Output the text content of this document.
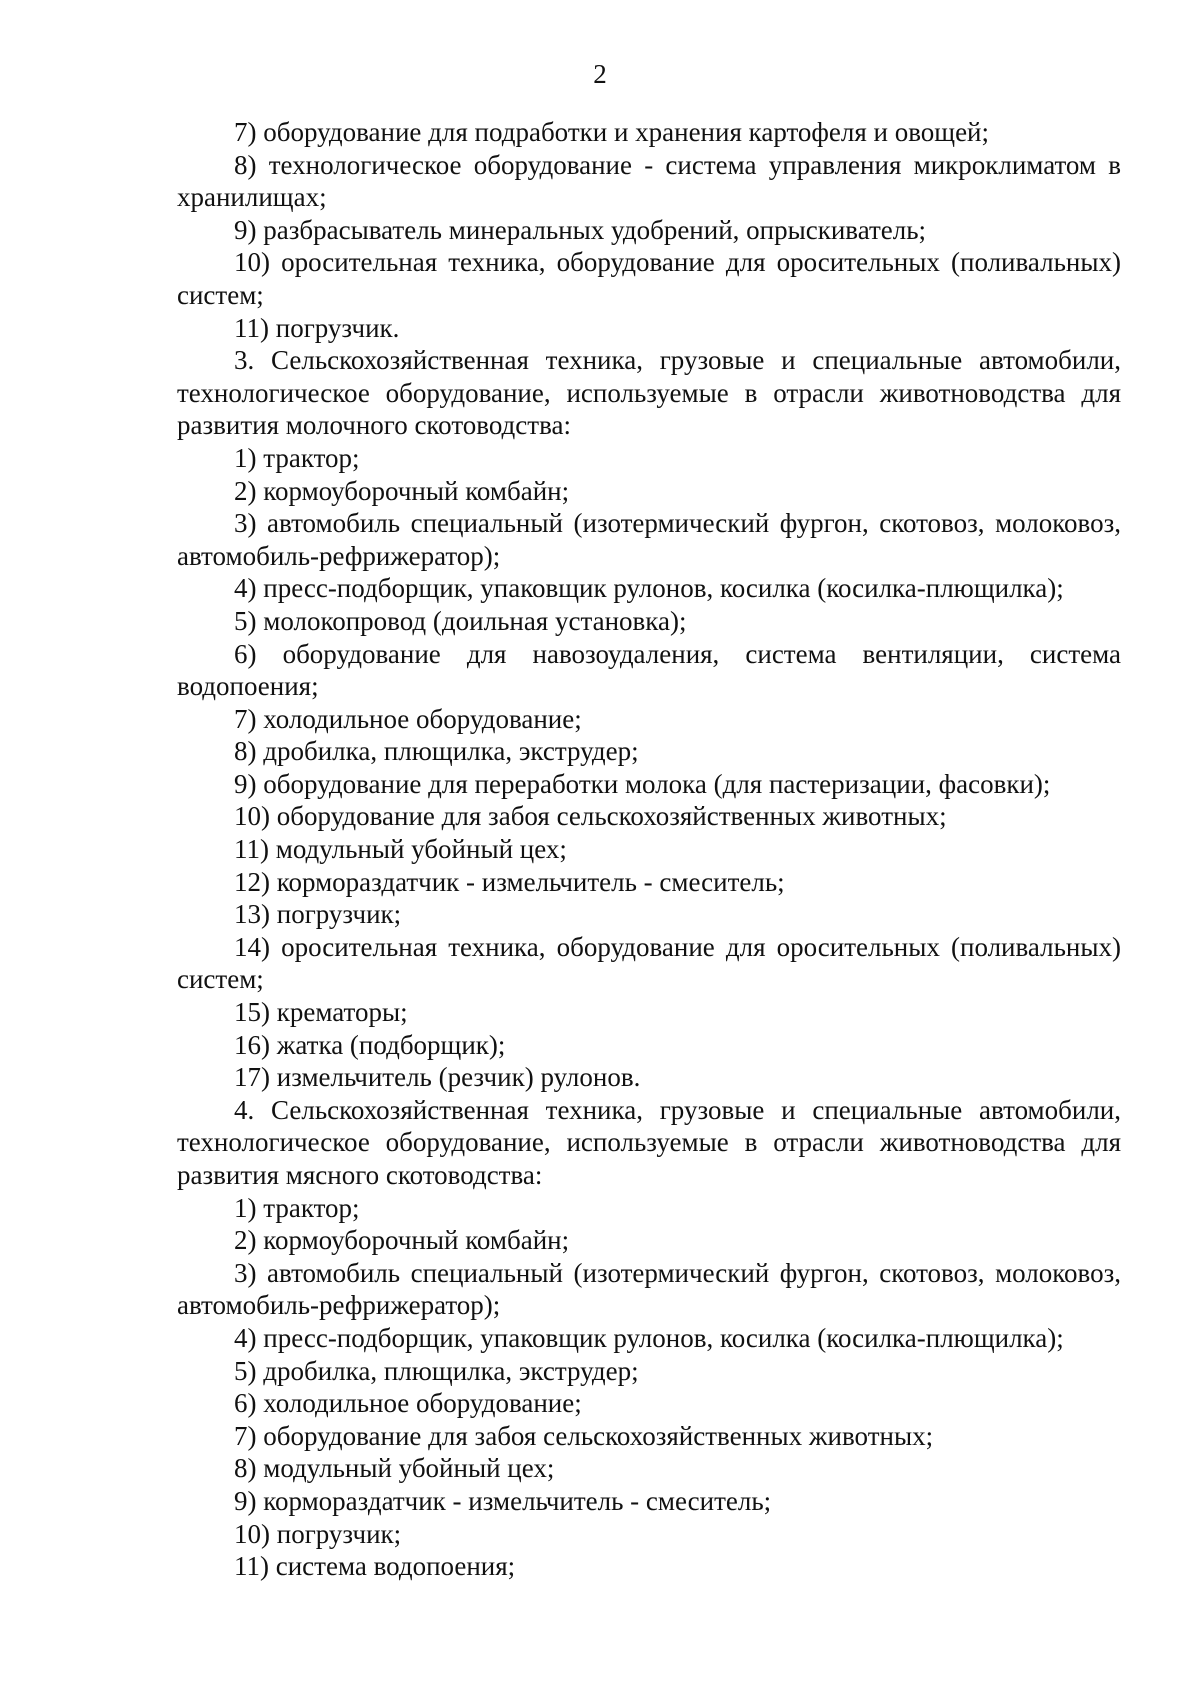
2

7) оборудование для подработки и хранения картофеля и овощей;

8) технологическое оборудование - система управления микроклиматом в хранилищах;

9) разбрасыватель минеральных удобрений, опрыскиватель;

10) оросительная техника, оборудование для оросительных (поливальных) систем;

11) погрузчик.

3. Сельскохозяйственная техника, грузовые и специальные автомобили, технологическое оборудование, используемые в отрасли животноводства для развития молочного скотоводства:

1) трактор;

2) кормоуборочный комбайн;

3) автомобиль специальный (изотермический фургон, скотовоз, молоковоз, автомобиль-рефрижератор);

4) пресс-подборщик, упаковщик рулонов, косилка (косилка-плющилка);

5) молокопровод (доильная установка);

6) оборудование для навозоудаления, система вентиляции, система водопоения;

7) холодильное оборудование;

8) дробилка, плющилка, экструдер;

9) оборудование для переработки молока (для пастеризации, фасовки);

10) оборудование для забоя сельскохозяйственных животных;

11) модульный убойный цех;

12) кормораздатчик - измельчитель - смеситель;

13) погрузчик;

14) оросительная техника, оборудование для оросительных (поливальных) систем;

15) крематоры;

16) жатка (подборщик);

17) измельчитель (резчик) рулонов.

4. Сельскохозяйственная техника, грузовые и специальные автомобили, технологическое оборудование, используемые в отрасли животноводства для развития мясного скотоводства:

1) трактор;

2) кормоуборочный комбайн;

3) автомобиль специальный (изотермический фургон, скотовоз, молоковоз, автомобиль-рефрижератор);

4) пресс-подборщик, упаковщик рулонов, косилка (косилка-плющилка);

5) дробилка, плющилка, экструдер;

6) холодильное оборудование;

7) оборудование для забоя сельскохозяйственных животных;

8) модульный убойный цех;

9) кормораздатчик - измельчитель - смеситель;

10) погрузчик;

11) система водопоения;
